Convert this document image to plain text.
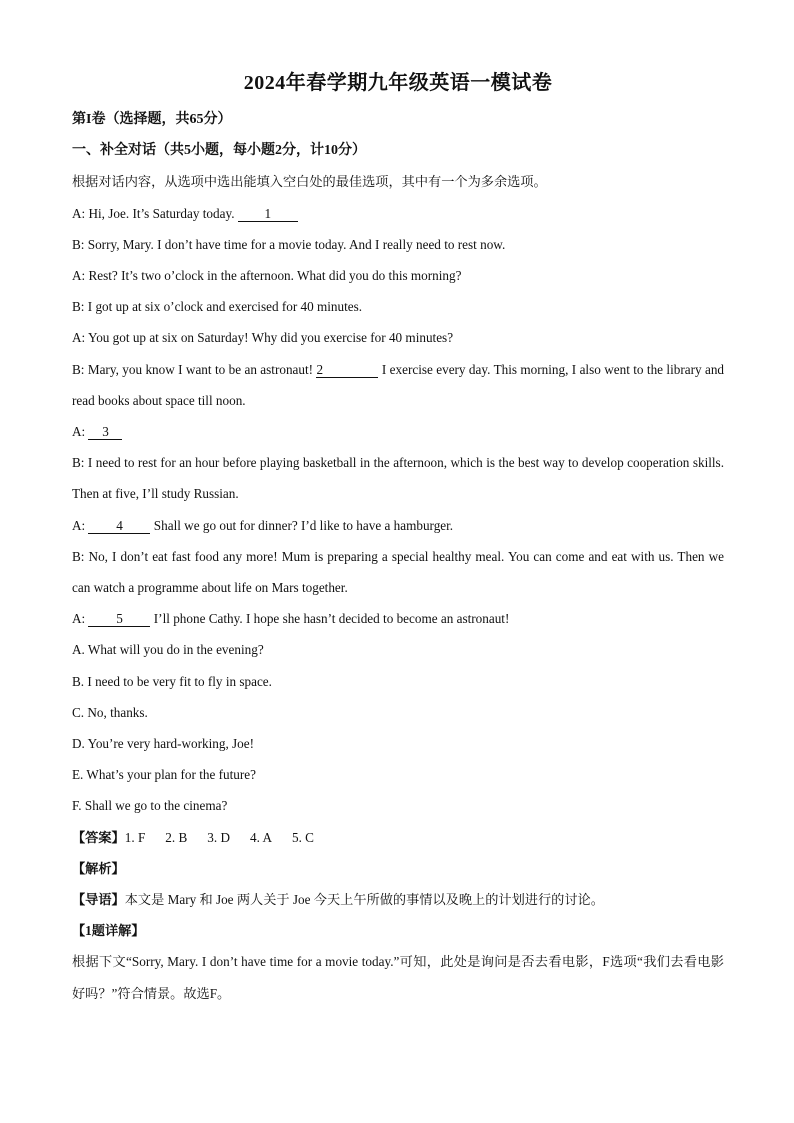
2024年春学期九年级英语一模试卷
第I卷（选择题，共65分）
一、补全对话（共5小题，每小题2分，计10分）
根据对话内容，从选项中选出能填入空白处的最佳选项，其中有一个为多余选项。
A: Hi, Joe. It’s Saturday today. 1
B: Sorry, Mary. I don’t have time for a movie today. And I really need to rest now.
A: Rest? It’s two o’clock in the afternoon. What did you do this morning?
B: I got up at six o’clock and exercised for 40 minutes.
A: You got up at six on Saturday! Why did you exercise for 40 minutes?
B: Mary, you know I want to be an astronaut! 2	I exercise every day. This morning, I also went to the library and read books about space till noon.
A: 3
B: I need to rest for an hour before playing basketball in the afternoon, which is the best way to develop cooperation skills. Then at five, I’ll study Russian.
A: 4 Shall we go out for dinner? I’d like to have a hamburger.
B: No, I don’t eat fast food any more! Mum is preparing a special healthy meal. You can come and eat with us. Then we can watch a programme about life on Mars together.
A: 5 I’ll phone Cathy. I hope she hasn’t decided to become an astronaut!
A. What will you do in the evening?
B. I need to be very fit to fly in space.
C. No, thanks.
D. You’re very hard-working, Joe!
E. What’s your plan for the future?
F. Shall we go to the cinema?
【答案】1. F 2. B 3. D 4. A 5. C
【解析】
【导语】本文是 Mary 和 Joe 两人关于 Joe 今天上午所做的事情以及晚上的计划进行的讨论。
【1题详解】
根据下文“Sorry, Mary. I don’t have time for a movie today.”可知，此处是询问是否去看电影，F选项“我们去看电影好吗？”符合情景。故选F。
